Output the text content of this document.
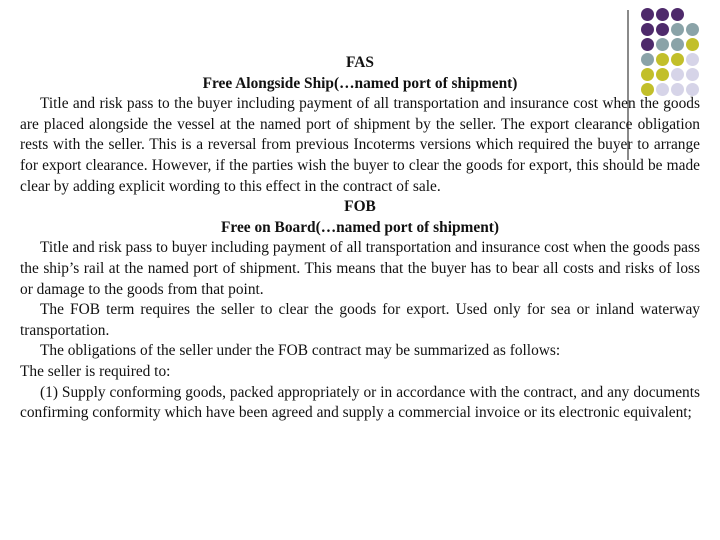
FAS
Free Alongside Ship(…named port of shipment)

Title and risk pass to the buyer including payment of all transportation and insurance cost when the goods are placed alongside the vessel at the named port of shipment by the seller. The export clearance obligation rests with the seller. This is a reversal from previous Incoterms versions which required the buyer to arrange for export clearance. However, if the parties wish the buyer to clear the goods for export, this should be made clear by adding explicit wording to this effect in the contract of sale.

FOB
Free on Board(…named port of shipment)

Title and risk pass to buyer including payment of all transportation and insurance cost when the goods pass the ship’s rail at the named port of shipment. This means that the buyer has to bear all costs and risks of loss or damage to the goods from that point.

The FOB term requires the seller to clear the goods for export. Used only for sea or inland waterway transportation.

The obligations of the seller under the FOB contract may be summarized as follows:

The seller is required to:

(1) Supply conforming goods, packed appropriately or in accordance with the contract, and any documents confirming conformity which have been agreed and supply a commercial invoice or its electronic equivalent;
